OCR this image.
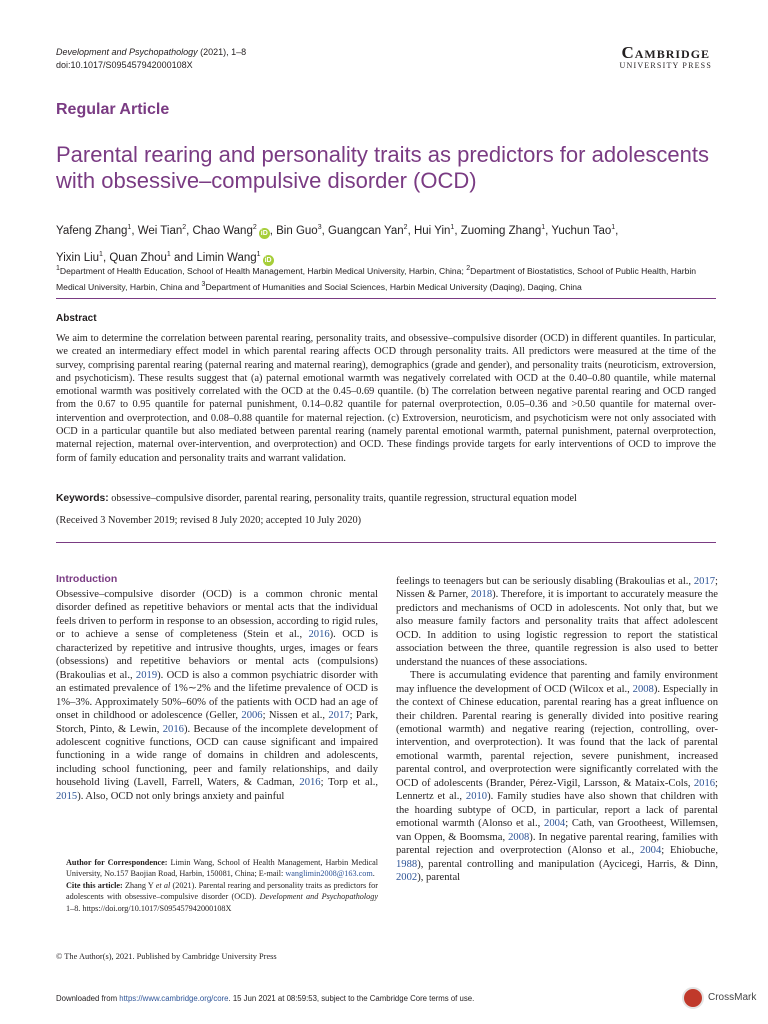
Development and Psychopathology (2021), 1–8
doi:10.1017/S095457942000108X
Cambridge
UNIVERSITY PRESS
Regular Article
Parental rearing and personality traits as predictors for adolescents with obsessive–compulsive disorder (OCD)
Yafeng Zhang$^1$, Wei Tian$^2$, Chao Wang$^2$iD , Bin Guo$^3$, Guangcan Yan$^2$, Hui Yin$^1$, Zuoming Zhang$^1$, Yuchun Tao$^1$,
Yixin Liu$^1$, Quan Zhou$^1$ and Limin Wang$^1$iD
$^1$Department of Health Education, School of Health Management, Harbin Medical University, Harbin, China; $^2$Department of Biostatistics, School of Public Health, Harbin Medical University, Harbin, China and $^3$Department of Humanities and Social Sciences, Harbin Medical University (Daqing), Daqing, China
Abstract
We aim to determine the correlation between parental rearing, personality traits, and obsessive–compulsive disorder (OCD) in different quantiles. In particular, we created an intermediary effect model in which parental rearing affects OCD through personality traits. All predictors were measured at the time of the survey, comprising parental rearing (paternal rearing and maternal rearing), demographics (grade and gender), and personality traits (neuroticism, extroversion, and psychoticism). These results suggest that (a) paternal emotional warmth was negatively correlated with OCD at the 0.40–0.80 quantile, while maternal emotional warmth was positively correlated with the OCD at the 0.45–0.69 quantile. (b) The correlation between negative parental rearing and OCD ranged from the 0.67 to 0.95 quantile for paternal punishment, 0.14–0.82 quantile for paternal overprotection, 0.05–0.36 and >0.50 quantile for maternal over-intervention and overprotection, and 0.08–0.88 quantile for maternal rejection. (c) Extroversion, neuroticism, and psychoticism were not only associated with OCD in a particular quantile but also mediated between parental rearing (namely parental emotional warmth, paternal punishment, paternal overprotection, maternal rejection, maternal over-intervention, and overprotection) and OCD. These findings provide targets for early interventions of OCD to improve the form of family education and personality traits and warrant validation.
Keywords: obsessive–compulsive disorder, parental rearing, personality traits, quantile regression, structural equation model
(Received 3 November 2019; revised 8 July 2020; accepted 10 July 2020)
Introduction

Obsessive–compulsive disorder (OCD) is a common chronic mental disorder defined as repetitive behaviors or mental acts that the individual feels driven to perform in response to an obsession, according to rigid rules, or to achieve a sense of completeness (Stein et al., 2016). OCD is characterized by repetitive and intrusive thoughts, urges, images or fears (obsessions) and repetitive behaviors or mental acts (compulsions) (Brakoulias et al., 2019). OCD is also a common psychiatric disorder with an estimated prevalence of 1%∼2% and the lifetime prevalence of OCD is 1%–3%. Approximately 50%–60% of the patients with OCD had an age of onset in childhood or adolescence (Geller, 2006; Nissen et al., 2017; Park, Storch, Pinto, & Lewin, 2016). Because of the incomplete development of adolescent cognitive functions, OCD can cause significant and impaired functioning in a wide range of domains in children and adolescents, including school functioning, peer and family relationships, and daily household living (Lavell, Farrell, Waters, & Cadman, 2016; Torp et al., 2015). Also, OCD not only brings anxiety and painful

feelings to teenagers but can be seriously disabling (Brakoulias et al., 2017; Nissen & Parner, 2018). Therefore, it is important to accurately measure the predictors and mechanisms of OCD in adolescents. Not only that, but we also measure family factors and personality traits that affect adolescent OCD. In addition to using logistic regression to report the statistical association between the three, quantile regression is also used to better understand the nuances of these associations.

There is accumulating evidence that parenting and family environment may influence the development of OCD (Wilcox et al., 2008). Especially in the context of Chinese education, parental rearing has a great influence on their children. Parental rearing is generally divided into positive rearing (emotional warmth) and negative rearing (rejection, controlling, over-intervention, and overprotection). It was found that the lack of parental emotional warmth, parental rejection, severe punishment, increased parental control, and overprotection were significantly correlated with the OCD of adolescents (Brander, Pérez-Vigil, Larsson, & Mataix-Cols, 2016; Lennertz et al., 2010). Family studies have also shown that children with the hoarding subtype of OCD, in particular, report a lack of parental emotional warmth (Alonso et al., 2004; Cath, van Grootheest, Willemsen, van Oppen, & Boomsma, 2008). In negative parental rearing, families with parental rejection and overprotection (Alonso et al., 2004; Ehiobuche, 1988), parental controlling and manipulation (Aycicegi, Harris, & Dinn, 2002), parental

Author for Correspondence: Limin Wang, School of Health Management, Harbin Medical University, No.157 Baojian Road, Harbin, 150081, China; E-mail: wanglimin2008@163.com.
Cite this article: Zhang Y et al (2021). Parental rearing and personality traits as predictors for adolescents with obsessive–compulsive disorder (OCD). Development and Psychopathology 1–8. https://doi.org/10.1017/S095457942000108X
© The Author(s), 2021. Published by Cambridge University Press
Downloaded from https://www.cambridge.org/core. 15 Jun 2021 at 08:59:53, subject to the Cambridge Core terms of use.	CrossMark
